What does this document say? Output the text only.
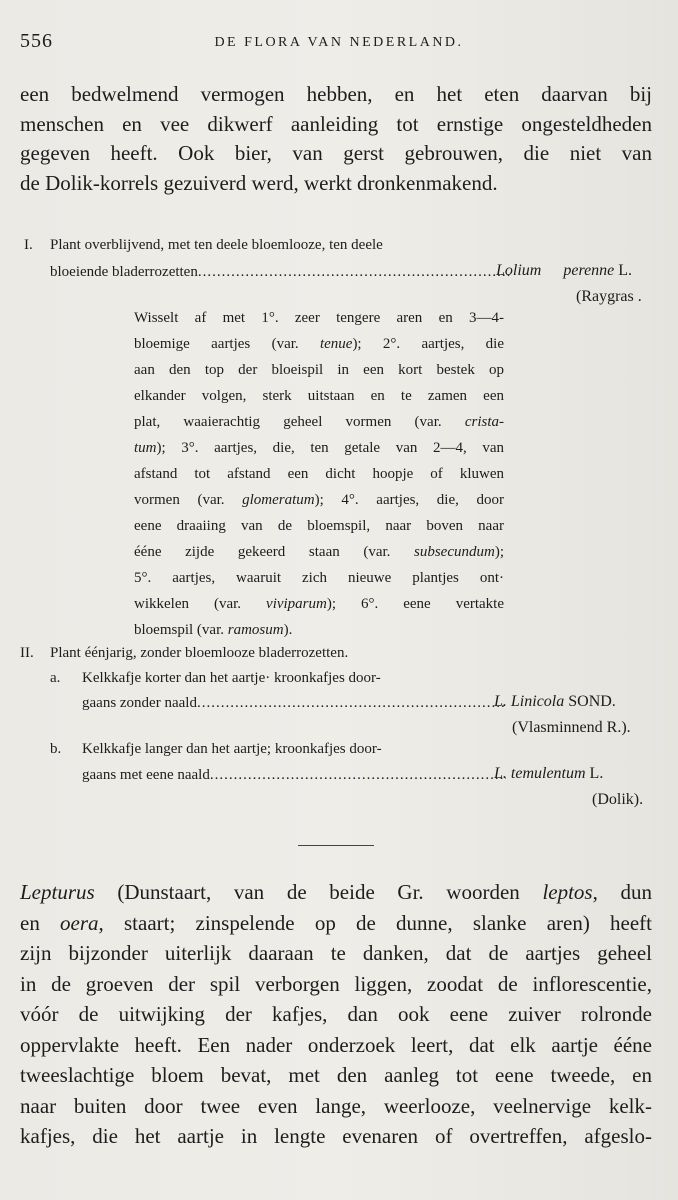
556	DE FLORA VAN NEDERLAND.
een bedwelmend vermogen hebben, en het eten daarvan bij
menschen en vee dikwerf aanleiding tot ernstige ongesteldheden
gegeven heeft. Ook bier, van gerst gebrouwen, die niet van
de Dolik-korrels gezuiverd werd, werkt dronkenmakend.
I. Plant overblijvend, met ten deele bloemlooze, ten deele
bloeiende bladerrozetten .....	Lolium perenne L.
(Raygras .
Wisselt af met 1°. zeer tengere aren en 3—4-
bloemige aartjes (var. tenue); 2°. aartjes, die
aan den top der bloeispil in een kort bestek op
elkander volgen, sterk uitstaan en te zamen een
plat, waaierachtig geheel vormen (var. crista-
tum); 3°. aartjes, die, ten getale van 2—4, van
afstand tot afstand een dicht hoopje of kluwen
vormen (var. glomeratum); 4°. aartjes, die, door
eene draaiing van de bloemspil, naar boven naar
ééne zijde gekeerd staan (var. subsecundum);
5°. aartjes, waaruit zich nieuwe plantjes ont·
wikkelen (var. viviparum); 6°. eene vertakte
bloemspil (var. ramosum).
II. Plant éénjarig, zonder bloemlooze bladerrozetten.
a. Kelkkafje korter dan het aartje· kroonkafjes door-
gaans zonder naald .....	L. Linicola SOND.
(Vlasminnend R.).
b. Kelkkafje langer dan het aartje; kroonkafjes door-
gaans met eene naald .....	L. temulentum L.
(Dolik).
Lepturus (Dunstaart, van de beide Gr. woorden leptos, dun
en oera, staart; zinspelende op de dunne, slanke aren) heeft
zijn bijzonder uiterlijk daaraan te danken, dat de aartjes geheel
in de groeven der spil verborgen liggen, zoodat de inflorescentie,
vóór de uitwijking der kafjes, dan ook eene zuiver rolronde
oppervlakte heeft. Een nader onderzoek leert, dat elk aartje ééne
tweeslachtige bloem bevat, met den aanleg tot eene tweede, en
naar buiten door twee even lange, weerlooze, veelnervige kelk-
kafjes, die het aartje in lengte evenaren of overtreffen, afgeslo-
